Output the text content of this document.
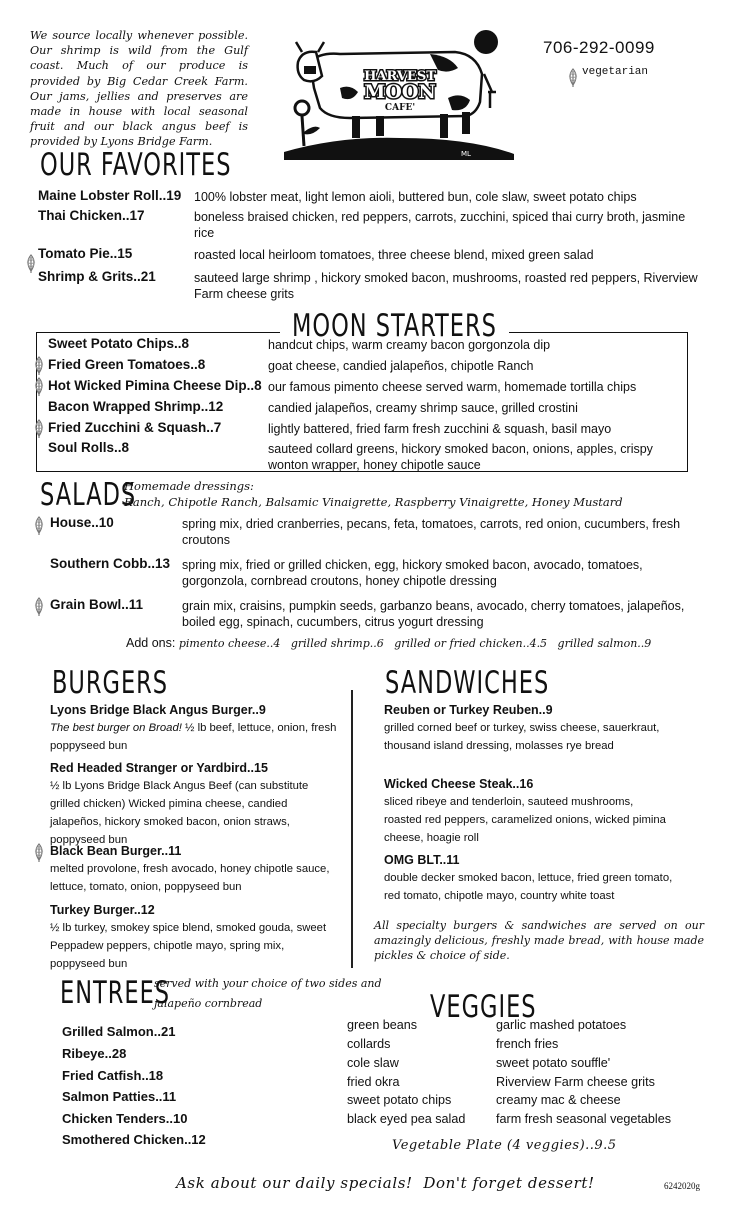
We source locally whenever possible. Our shrimp is wild from the Gulf coast. Much of our produce is provided by Big Cedar Creek Farm. Our jams, jellies and preserves are made in house with local seasonal fruit and our black angus beef is provided by Lyons Bridge Farm.
HARVEST
MOON
CAFE'
ML
706-292-0099
vegetarian
OUR FAVORITES
Maine Lobster Roll..19 100% lobster meat, light lemon aioli, buttered bun, cole slaw, sweet potato chips
Thai Chicken..17	boneless braised chicken, red peppers, carrots, zucchini, spiced thai curry broth, jasmine rice
Tomato Pie..15	roasted local heirloom tomatoes, three cheese blend, mixed green salad
Shrimp & Grits..21	sauteed large shrimp , hickory smoked bacon, mushrooms, roasted red peppers, Riverview Farm cheese grits
MOON STARTERS
Sweet Potato Chips..8	handcut chips, warm creamy bacon gorgonzola dip
Fried Green Tomatoes..8	goat cheese, candied jalapeños, chipotle Ranch
Hot Wicked Pimina Cheese Dip..8 our famous pimento cheese served warm, homemade tortilla chips
Bacon Wrapped Shrimp..12	candied jalapeños, creamy shrimp sauce, grilled crostini
Fried Zucchini & Squash..7	lightly battered, fried farm fresh zucchini & squash, basil mayo
Soul Rolls..8	sauteed collard greens, hickory smoked bacon, onions, apples, crispy wonton wrapper, honey chipotle sauce
SALADS
Homemade dressings:
Ranch, Chipotle Ranch, Balsamic Vinaigrette, Raspberry Vinaigrette, Honey Mustard
House..10	spring mix, dried cranberries, pecans, feta, tomatoes, carrots, red onion, cucumbers, fresh croutons
Southern Cobb..13 spring mix, fried or grilled chicken, egg, hickory smoked bacon, avocado, tomatoes, gorgonzola, cornbread croutons, honey chipotle dressing
Grain Bowl..11	grain mix, craisins, pumpkin seeds, garbanzo beans, avocado, cherry tomatoes, jalapeños, boiled egg, spinach, cucumbers, citrus yogurt dressing
Add ons: pimento cheese..4   grilled shrimp..6   grilled or fried chicken..4.5   grilled salmon..9
BURGERS
Lyons Bridge Black Angus Burger..9
The best burger on Broad! ½ lb beef, lettuce, onion, fresh poppyseed bun
Red Headed Stranger or Yardbird..15
½ lb Lyons Bridge Black Angus Beef (can substitute grilled chicken) Wicked pimina cheese, candied jalapeños, hickory smoked bacon, onion straws, poppyseed bun
Black Bean Burger..11
melted provolone, fresh avocado, honey chipotle sauce, lettuce, tomato, onion, poppyseed bun
Turkey Burger..12
½ lb turkey, smokey spice blend, smoked gouda, sweet Peppadew peppers, chipotle mayo, spring mix, poppyseed bun
SANDWICHES
Reuben or Turkey Reuben..9
grilled corned beef or turkey, swiss cheese, sauerkraut, thousand island dressing, molasses rye bread
Wicked Cheese Steak..16
sliced ribeye and tenderloin, sauteed mushrooms, roasted red peppers, caramelized onions, wicked pimina cheese, hoagie roll
OMG BLT..11
double decker smoked bacon, lettuce, fried green tomato, red tomato, chipotle mayo, country white toast
All specialty burgers & sandwiches are served on our amazingly delicious, freshly made bread, with house made pickles & choice of side.
ENTREES
served with your choice of two sides and
jalapeño cornbread
Grilled Salmon..21
Ribeye..28
Fried Catfish..18
Salmon Patties..11
Chicken Tenders..10
Smothered Chicken..12
VEGGIES
green beans
collards
cole slaw
fried okra
sweet potato chips
black eyed pea salad
garlic mashed potatoes
french fries
sweet potato souffle'
Riverview Farm cheese grits
creamy mac & cheese
farm fresh seasonal vegetables
Vegetable Plate (4 veggies)..9.5
Ask about our daily specials!  Don't forget dessert!	6242020g
